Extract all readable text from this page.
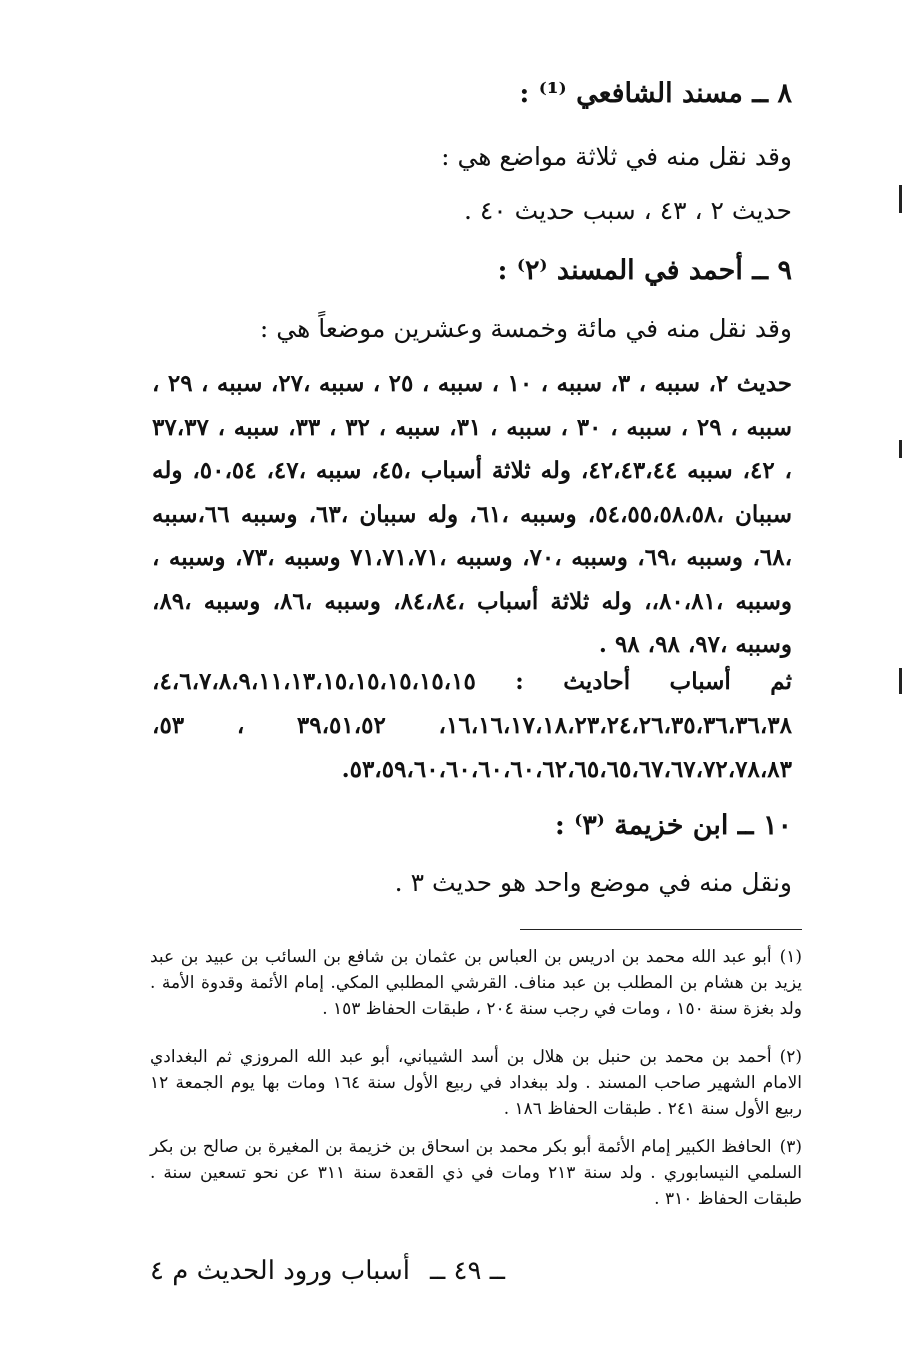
٨ ــ مسند الشافعي ⁽¹⁾ :
وقد نقل منه في ثلاثة مواضع هي :
حديث ٢ ، ٤٣ ، سبب حديث ٤٠ .
٩ ــ أحمد في المسند ⁽٢⁾ :
وقد نقل منه في مائة وخمسة وعشرين موضعاً هي :
حديث ٢، سببه ، ٣، سببه ، ١٠ ، سببه ، ٢٥ ، سببه ،٢٧، سببه ، ٢٩ ، سببه ، ٢٩ ، سببه ، ٣٠ ، سببه ، ٣١، سببه ، ٣٢ ، ٣٣، سببه ، ٣٧،٣٧ ، ٤٢، سببه ٤٢،٤٣،٤٤، وله ثلاثة أسباب ،٤٥، سببه ،٤٧، ٥٠،٥٤، وله سببان ،٥٤،٥٥،٥٨،٥٨، وسببه ،٦١، وله سببان ،٦٣، وسببه ٦٦،سببه ،٦٨، وسببه ،٦٩، وسببه ،٧٠، وسببه ،٧١،٧١،٧١ وسببه ،٧٣، وسببه ، وسببه ،٨٠،٨١،، وله ثلاثة أسباب ،٨٤،٨٤، وسببه ،٨٦، وسببه ،٨٩، وسببه ،٩٧، ٩٨، ٩٨ .
ثم أسباب أحاديث : ٤،٦،٧،٨،٩،١١،١٣،١٥،١٥،١٥،١٥،١٥، ١٦،١٦،١٧،١٨،٢٣،٢٤،٢٦،٣٥،٣٦،٣٦،٣٨، ٣٩،٥١،٥٢ ، ٥٣، ٥٣،٥٩،٦٠،٦٠،٦٠،٦٠،٦٢،٦٥،٦٥،٦٧،٦٧،٧٢،٧٨،٨٣.
١٠ ــ ابن خزيمة ⁽٣⁾ :
ونقل منه في موضع واحد هو حديث ٣ .
(١)أبو عبد الله محمد بن ادريس بن العباس بن عثمان بن شافع بن السائب بن عبيد بن عبد يزيد بن هشام بن المطلب بن عبد مناف. القرشي المطلبي المكي. إمام الأئمة وقدوة الأمة . ولد بغزة سنة ١٥٠ ، ومات في رجب سنة ٢٠٤ ، طبقات الحفاظ ١٥٣ .
(٢)أحمد بن محمد بن حنبل بن هلال بن أسد الشيباني، أبو عبد الله المروزي ثم البغدادي الامام الشهير صاحب المسند . ولد ببغداد في ربيع الأول سنة ١٦٤ ومات بها يوم الجمعة ١٢ ربيع الأول سنة ٢٤١ . طبقات الحفاظ ١٨٦ .
(٣)الحافظ الكبير إمام الأئمة أبو بكر محمد بن اسحاق بن خزيمة بن المغيرة بن صالح بن بكر السلمي النيسابوري . ولد سنة ٢١٣ ومات في ذي القعدة سنة ٣١١ عن نحو تسعين سنة . طبقات الحفاظ ٣١٠ .
ــ ٤٩ ــ
أسباب ورود الحديث م ٤
